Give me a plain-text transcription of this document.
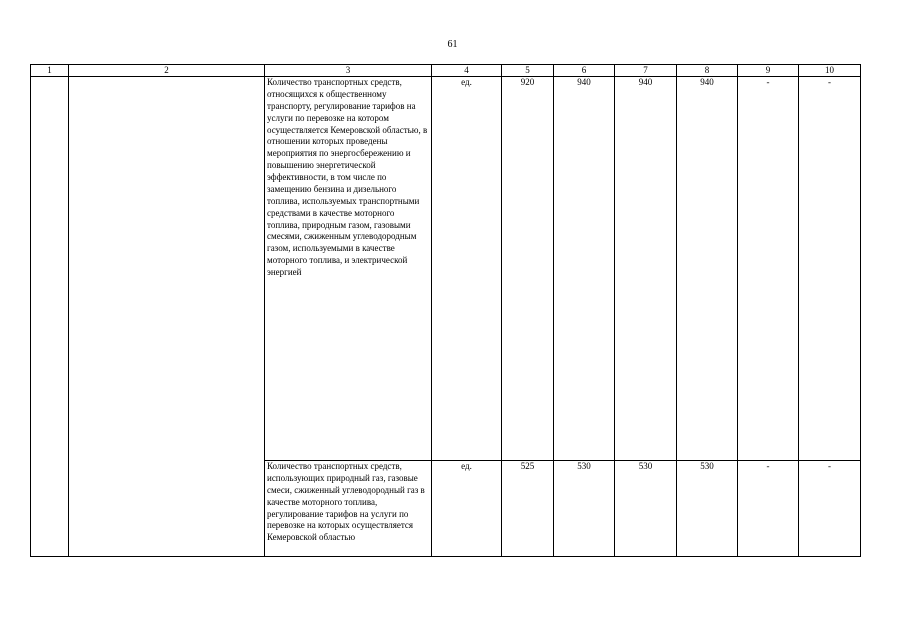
61
1	2	3	4	5	6	7	8	9	10
		Количество транспортных средств, относящихся к общественному транспорту, регулирование тарифов на услуги по перевозке на котором осуществляется Кемеровской областью, в отношении которых проведены мероприятия по энергосбережению и повышению энергетической эффективности, в том числе по замещению бензина и дизельного топлива, используемых транспортными средствами в качестве моторного топлива, природным газом, газовыми смесями, сжиженным углеводородным газом, используемыми в качестве моторного топлива, и электрической энергией	ед.	920	940	940	940	-	-
		Количество транспортных средств, использующих природный газ, газовые смеси, сжиженный углеводородный газ в качестве моторного топлива, регулирование тарифов на услуги по перевозке на которых осуществляется Кемеровской областью	ед.	525	530	530	530	-	-
